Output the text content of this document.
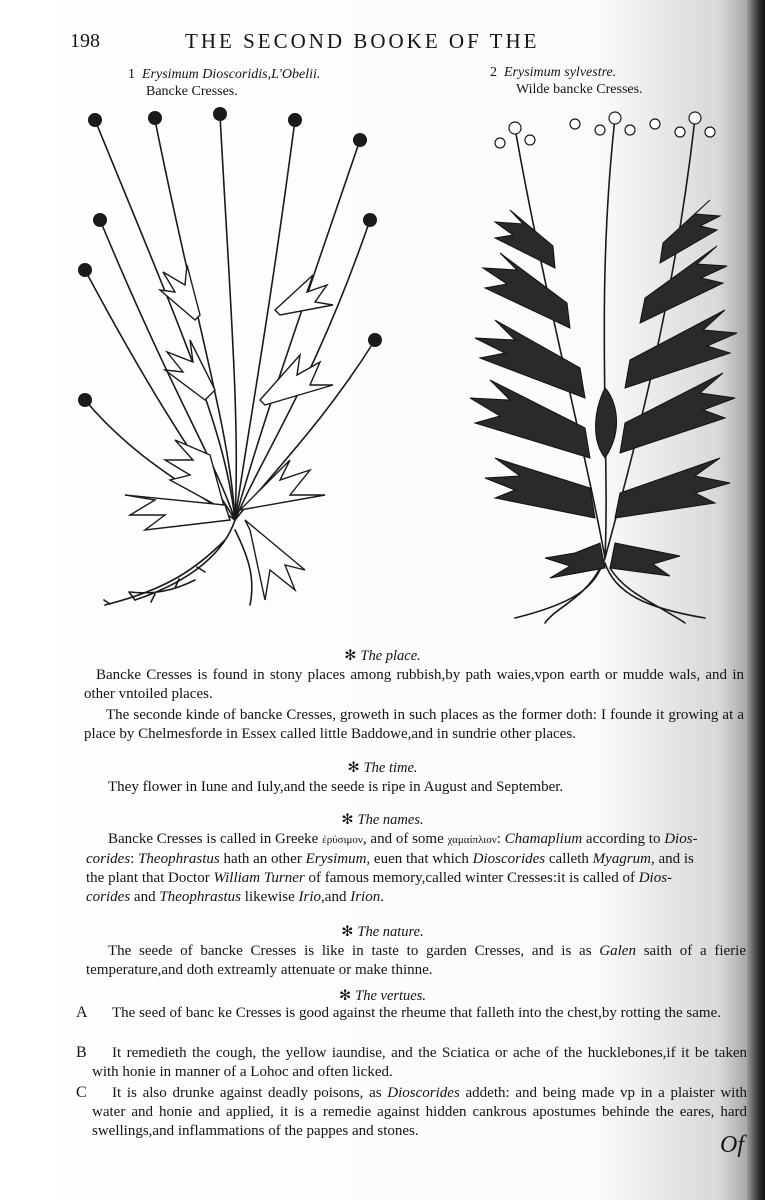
198	THE SECOND BOOKE OF THE
1 Erysimum Dioscoridis,L'Obelii.
Bancke Cresses.
2 Erysimum sylvestre.
Wilde bancke Cresses.
✻ The place.
Bancke Cresses is found in stony places among rubbish,by path waies,vpon earth or mudde wals, and in other vntoiled places.
The seconde kinde of bancke Cresses, groweth in such places as the former doth: I founde it growing at a place by Chelmesforde in Essex called little Baddowe,and in sundrie other places.
✻ The time.
They flower in Iune and Iuly,and the seede is ripe in August and September.
✻ The names.
Bancke Cresses is called in Greeke ἐρύσιμον, and of some χαμαίπλιον: Chamaplium according to Dios-
corides: Theophrastus hath an other Erysimum, euen that which Dioscorides calleth Myagrum, and is
the plant that Doctor William Turner of famous memory,called winter Cresses:it is called of Dios-
corides and Theophrastus likewise Irio,and Irion.
✻ The nature.
The seede of bancke Cresses is like in taste to garden Cresses, and is as Galen saith of a fierie temperature,and doth extreamly attenuate or make thinne.
✻ The vertues.
A	The seed of banc ke Cresses is good against the rheume that falleth into the chest,by rotting the same.
B	It remedieth the cough, the yellow iaundise, and the Sciatica or ache of the hucklebones,if it be taken with honie in manner of a Lohoc and often licked.
C	It is also drunke against deadly poisons, as Dioscorides addeth: and being made vp in a plaister with water and honie and applied, it is a remedie against hidden cankrous apostumes behinde the eares, hard swellings,and inflammations of the pappes and stones.
Of
